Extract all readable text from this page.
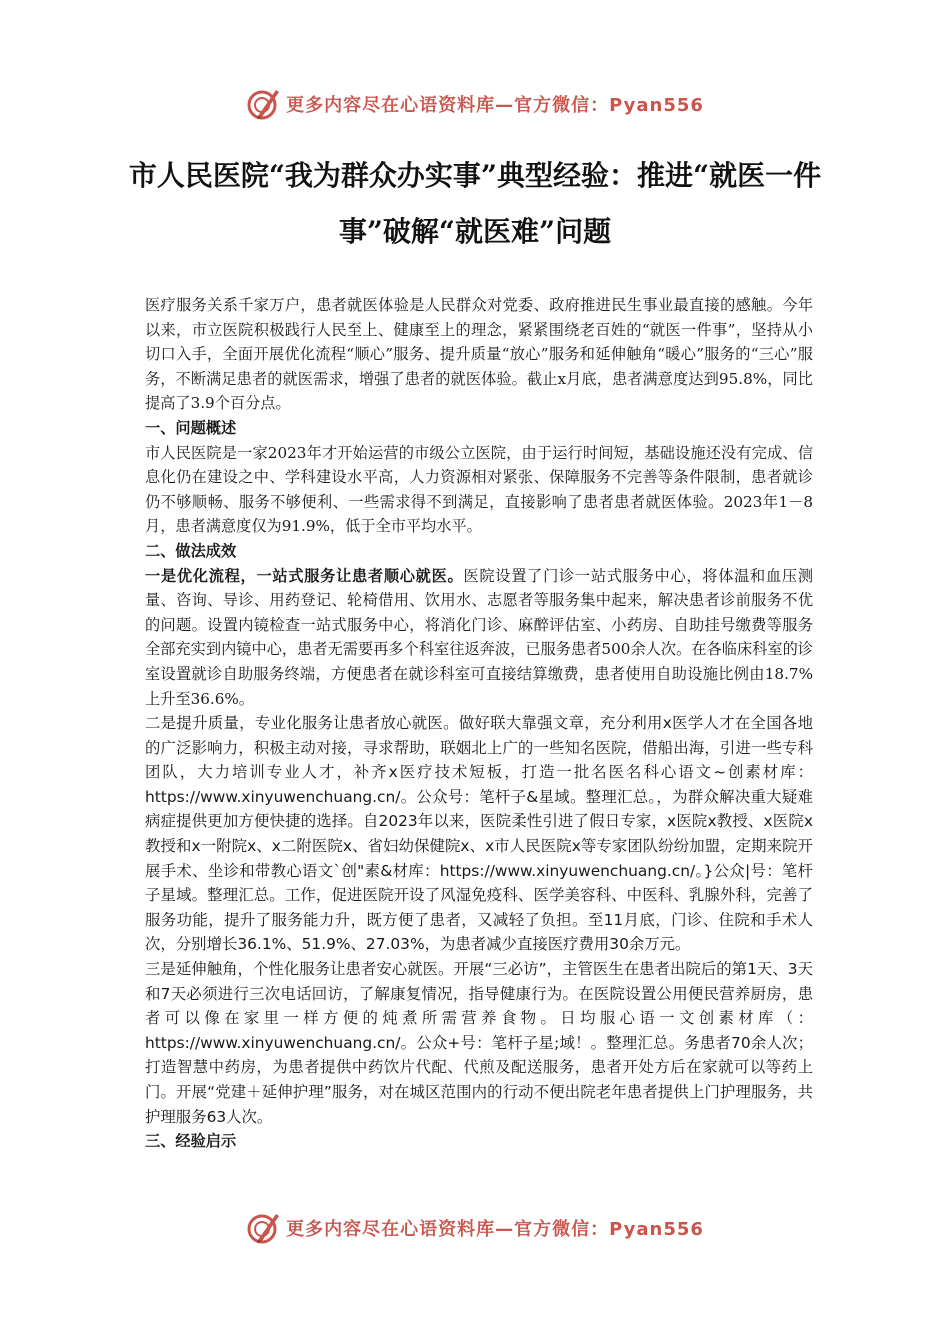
更多内容尽在心语资料库—官方微信：Pyan556
市人民医院“我为群众办实事”典型经验：推进“就医一件事”破解“就医难”问题

医疗服务关系千家万户，患者就医体验是人民群众对党委、政府推进民生事业最直接的感触。今年以来，市立医院积极践行人民至上、健康至上的理念，紧紧围绕老百姓的“就医一件事”，坚持从小切口入手，全面开展优化流程“顺心”服务、提升质量“放心”服务和延伸触角“暖心”服务的“三心”服务，不断满足患者的就医需求，增强了患者的就医体验。截止x月底，患者满意度达到95.8%，同比提高了3.9个百分点。

一、问题概述

市人民医院是一家2023年才开始运营的市级公立医院，由于运行时间短，基础设施还没有完成、信息化仍在建设之中、学科建设水平高，人力资源相对紧张、保障服务不完善等条件限制，患者就诊仍不够顺畅、服务不够便利、一些需求得不到满足，直接影响了患者患者就医体验。2023年1－8月，患者满意度仅为91.9%，低于全市平均水平。

二、做法成效

一是优化流程，一站式服务让患者顺心就医。医院设置了门诊一站式服务中心，将体温和血压测量、咨询、导诊、用药登记、轮椅借用、饮用水、志愿者等服务集中起来，解决患者诊前服务不优的问题。设置内镜检查一站式服务中心，将消化门诊、麻醉评估室、小药房、自助挂号缴费等服务全部充实到内镜中心，患者无需要再多个科室往返奔波，已服务患者500余人次。在各临床科室的诊室设置就诊自助服务终端，方便患者在就诊科室可直接结算缴费，患者使用自助设施比例由18.7%上升至36.6%。

二是提升质量，专业化服务让患者放心就医。做好联大靠强文章，充分利用x医学人才在全国各地的广泛影响力，积极主动对接，寻求帮助，联姻北上广的一些知名医院，借船出海，引进一些专科团队，大力培训专业人才，补齐x医疗技术短板，打造一批名医名科心语文~创素材库：https://www.xinyuwenchuang.cn/。公众号：笔杆子&星域。整理汇总。，为群众解决重大疑难病症提供更加方便快捷的选择。自2023年以来，医院柔性引进了假日专家，x医院x教授、x医院x教授和x一附院x、x二附医院x、省妇幼保健院x、x市人民医院x等专家团队纷纷加盟，定期来院开展手术、坐诊和带教心语文`创"素&材库：https://www.xinyuwenchuang.cn/。}公众|号：笔杆子星域。整理汇总。工作，促进医院开设了风湿免疫科、医学美容科、中医科、乳腺外科，完善了服务功能，提升了服务能力升，既方便了患者，又减轻了负担。至11月底，门诊、住院和手术人次，分别增长36.1%、51.9%、27.03%，为患者减少直接医疗费用30余万元。

三是延伸触角，个性化服务让患者安心就医。开展“三必访”，主管医生在患者出院后的第1天、3天和7天必须进行三次电话回访，了解康复情况，指导健康行为。在医院设置公用便民营养厨房，患者可以像在家里一样方便的炖煮所需营养食物。日均服心语一文创素材库（：https://www.xinyuwenchuang.cn/。公众+号：笔杆子星;域！。整理汇总。务患者70余人次；打造智慧中药房，为患者提供中药饮片代配、代煎及配送服务，患者开处方后在家就可以等药上门。开展“党建＋延伸护理”服务，对在城区范围内的行动不便出院老年患者提供上门护理服务，共护理服务63人次。

三、经验启示

更多内容尽在心语资料库—官方微信：Pyan556
